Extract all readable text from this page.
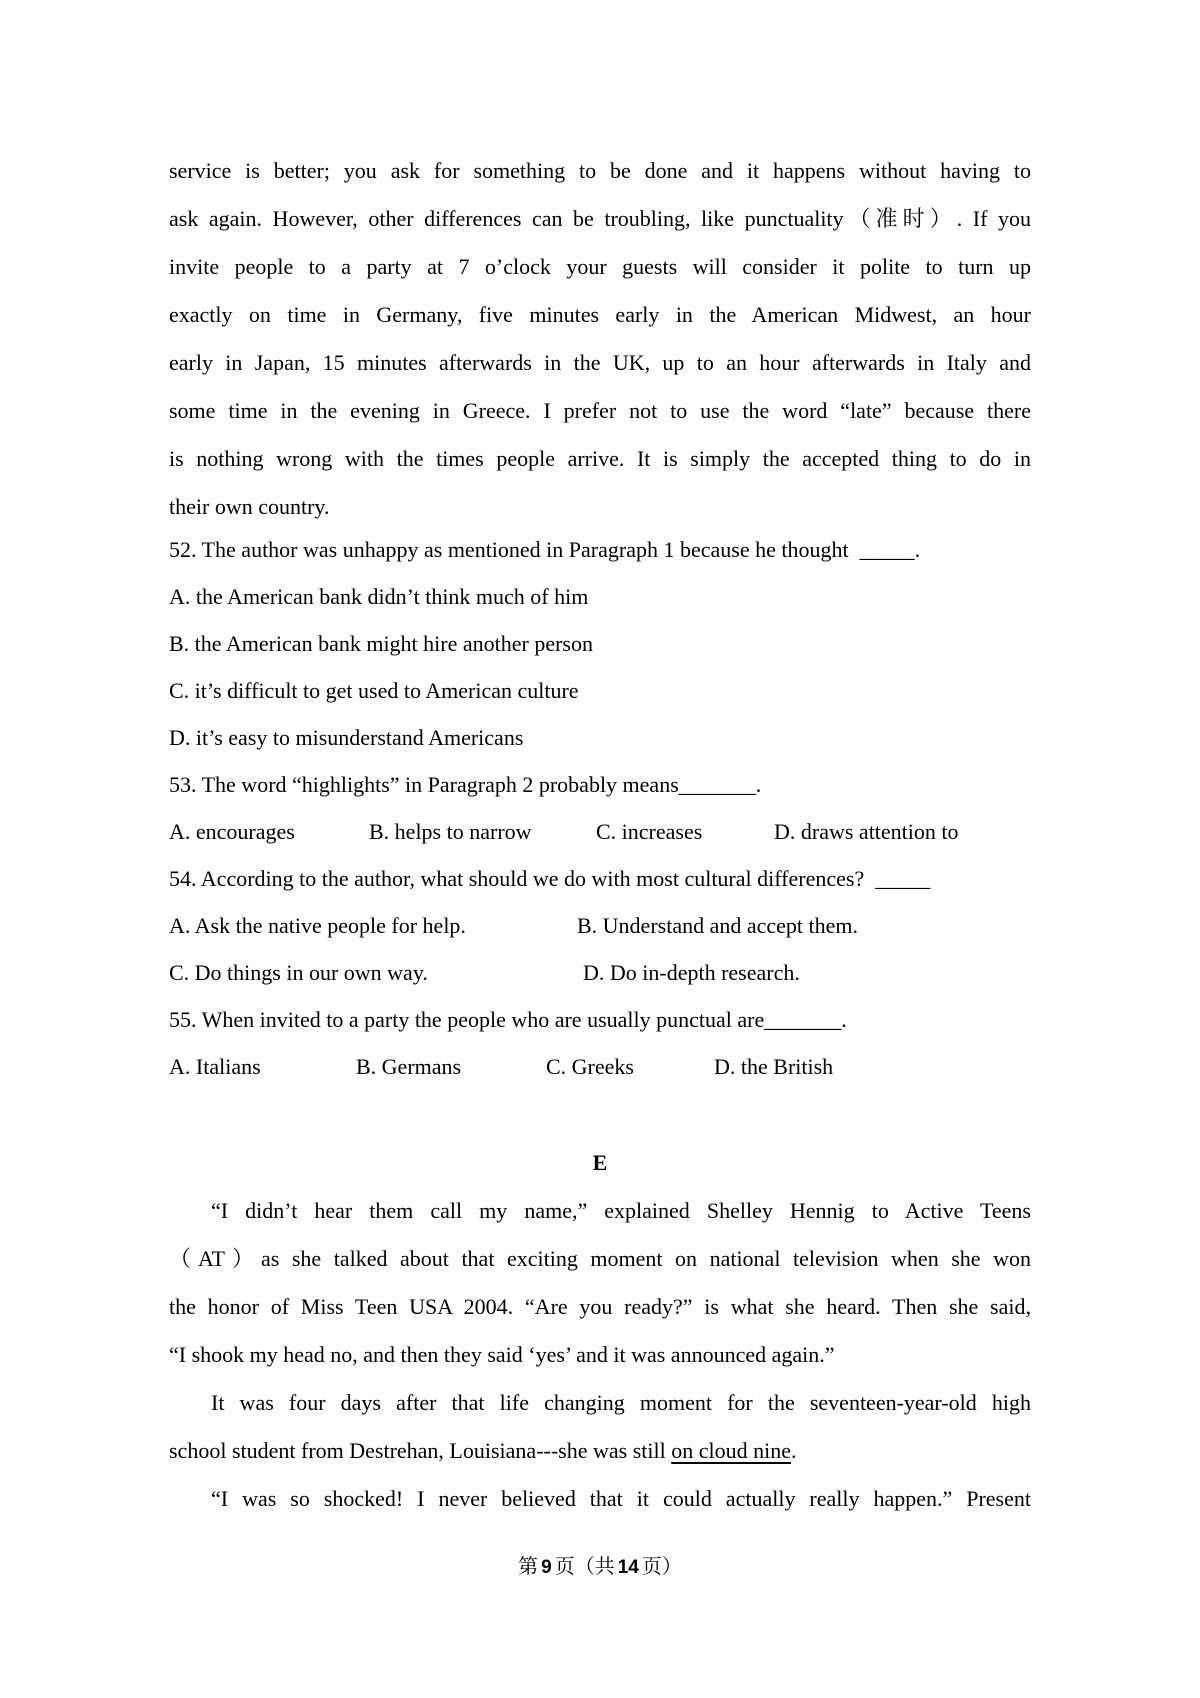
service is better; you ask for something to be done and it happens without having to
ask again. However, other differences can be troubling, like punctuality（准时）. If you
invite people to a party at 7 o’clock your guests will consider it polite to turn up
exactly on time in Germany, five minutes early in the American Midwest, an hour
early in Japan, 15 minutes afterwards in the UK, up to an hour afterwards in Italy and
some time in the evening in Greece. I prefer not to use the word “late” because there
is nothing wrong with the times people arrive. It is simply the accepted thing to do in
their own country.
52. The author was unhappy as mentioned in Paragraph 1 because he thought  _____.
A. the American bank didn’t think much of him
B. the American bank might hire another person
C. it’s difficult to get used to American culture
D. it’s easy to misunderstand Americans
53. The word “highlights” in Paragraph 2 probably means_______.
A. encourages	B. helps to narrow	C. increases	D. draws attention to
54. According to the author, what should we do with most cultural differences?  _____
A. Ask the native people for help.	B. Understand and accept them.
C. Do things in our own way.	D. Do in-depth research.
55. When invited to a party the people who are usually punctual are_______.
A. Italians	B. Germans	C. Greeks	D. the British
E
“I didn’t hear them call my name,” explained Shelley Hennig to Active Teens
（AT）as she talked about that exciting moment on national television when she won
the honor of Miss Teen USA 2004. “Are you ready?” is what she heard. Then she said,
“I shook my head no, and then they said ‘yes’ and it was announced again.”
It was four days after that life changing moment for the seventeen-year-old high
school student from Destrehan, Louisiana---she was still on cloud nine.
“I was so shocked! I never believed that it could actually really happen.” Present
第 9 页（共 14 页）
